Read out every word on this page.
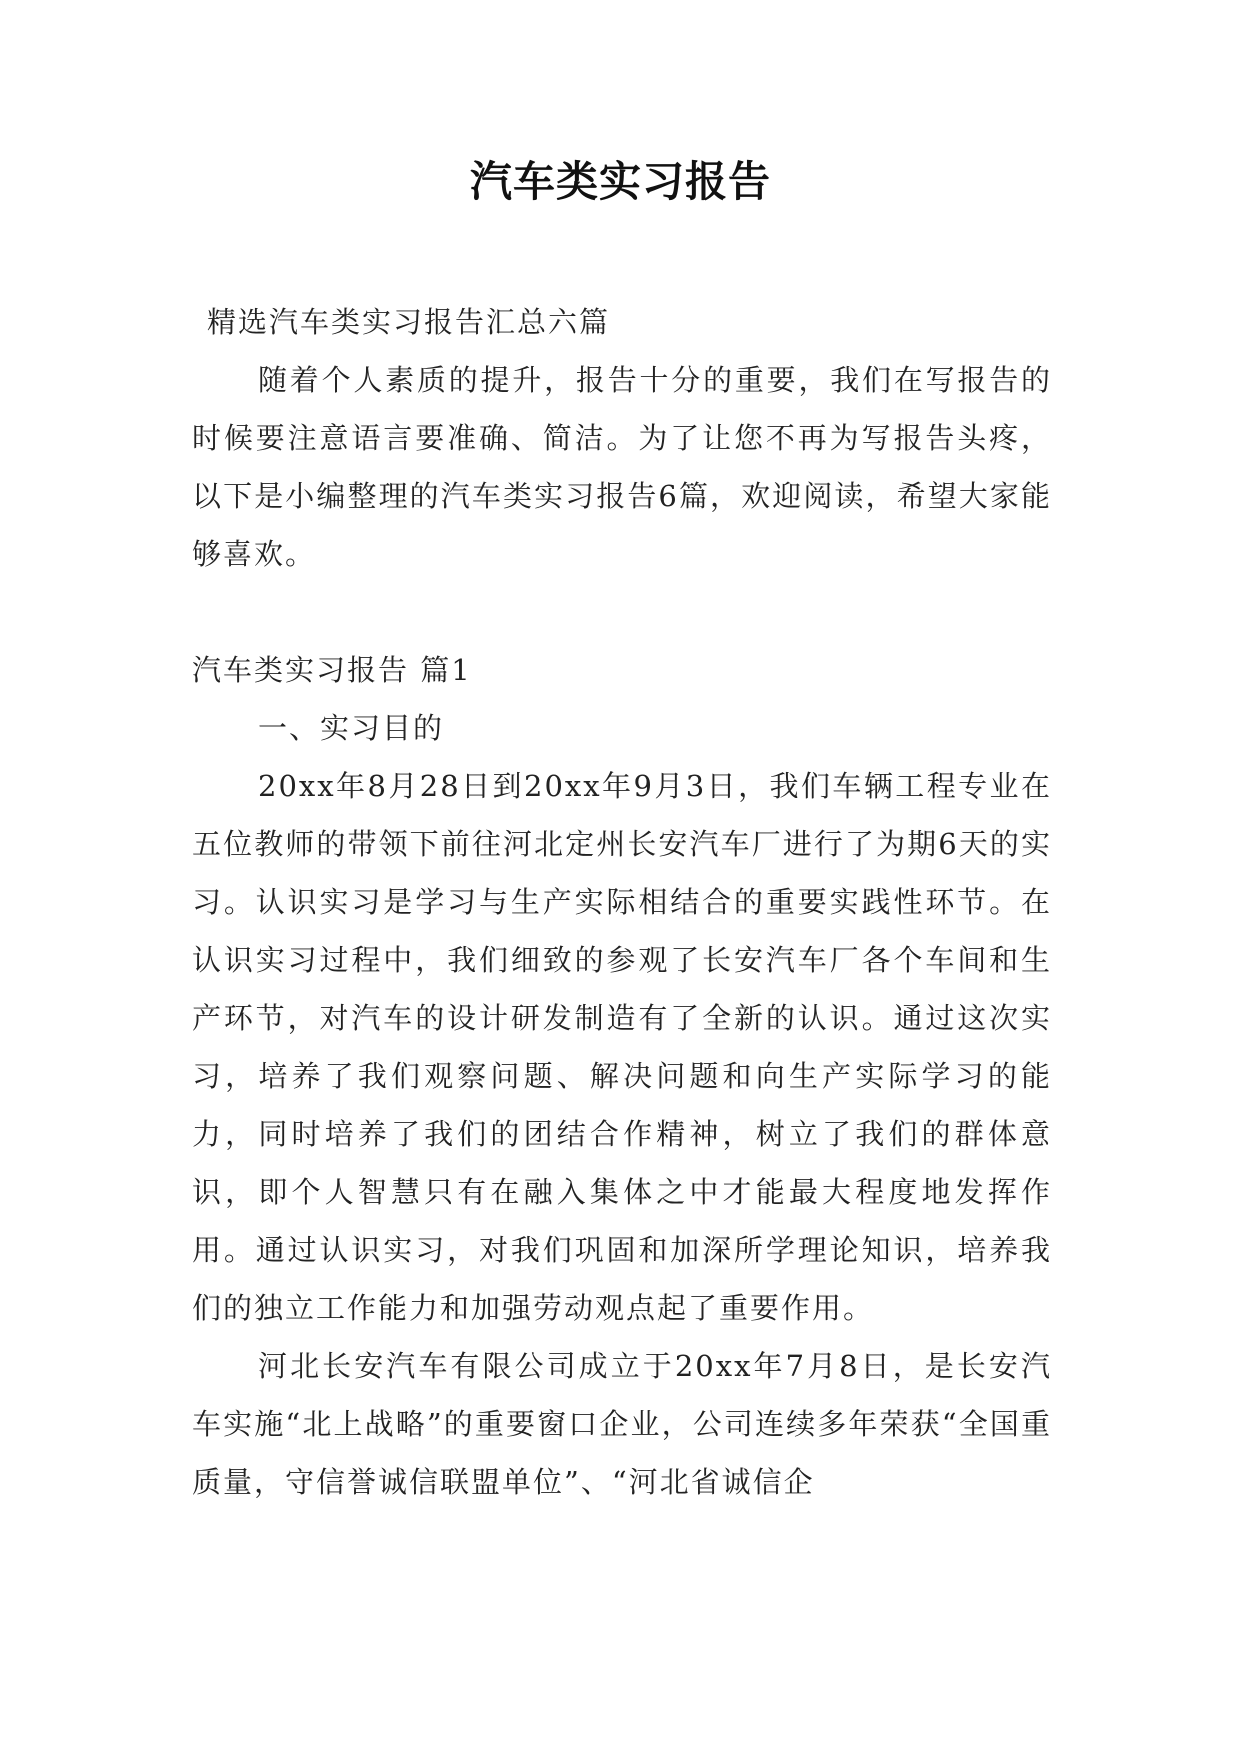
汽车类实习报告

精选汽车类实习报告汇总六篇

随着个人素质的提升，报告十分的重要，我们在写报告的时候要注意语言要准确、简洁。为了让您不再为写报告头疼，以下是小编整理的汽车类实习报告6篇，欢迎阅读，希望大家能够喜欢。

汽车类实习报告 篇1

一、实习目的

20xx年8月28日到20xx年9月3日，我们车辆工程专业在五位教师的带领下前往河北定州长安汽车厂进行了为期6天的实习。认识实习是学习与生产实际相结合的重要实践性环节。在认识实习过程中，我们细致的参观了长安汽车厂各个车间和生产环节，对汽车的设计研发制造有了全新的认识。通过这次实习，培养了我们观察问题、解决问题和向生产实际学习的能力，同时培养了我们的团结合作精神，树立了我们的群体意识，即个人智慧只有在融入集体之中才能最大程度地发挥作用。通过认识实习，对我们巩固和加深所学理论知识，培养我们的独立工作能力和加强劳动观点起了重要作用。

河北长安汽车有限公司成立于20xx年7月8日，是长安汽车实施“北上战略”的重要窗口企业，公司连续多年荣获“全国重质量，守信誉诚信联盟单位”、“河北省诚信企
